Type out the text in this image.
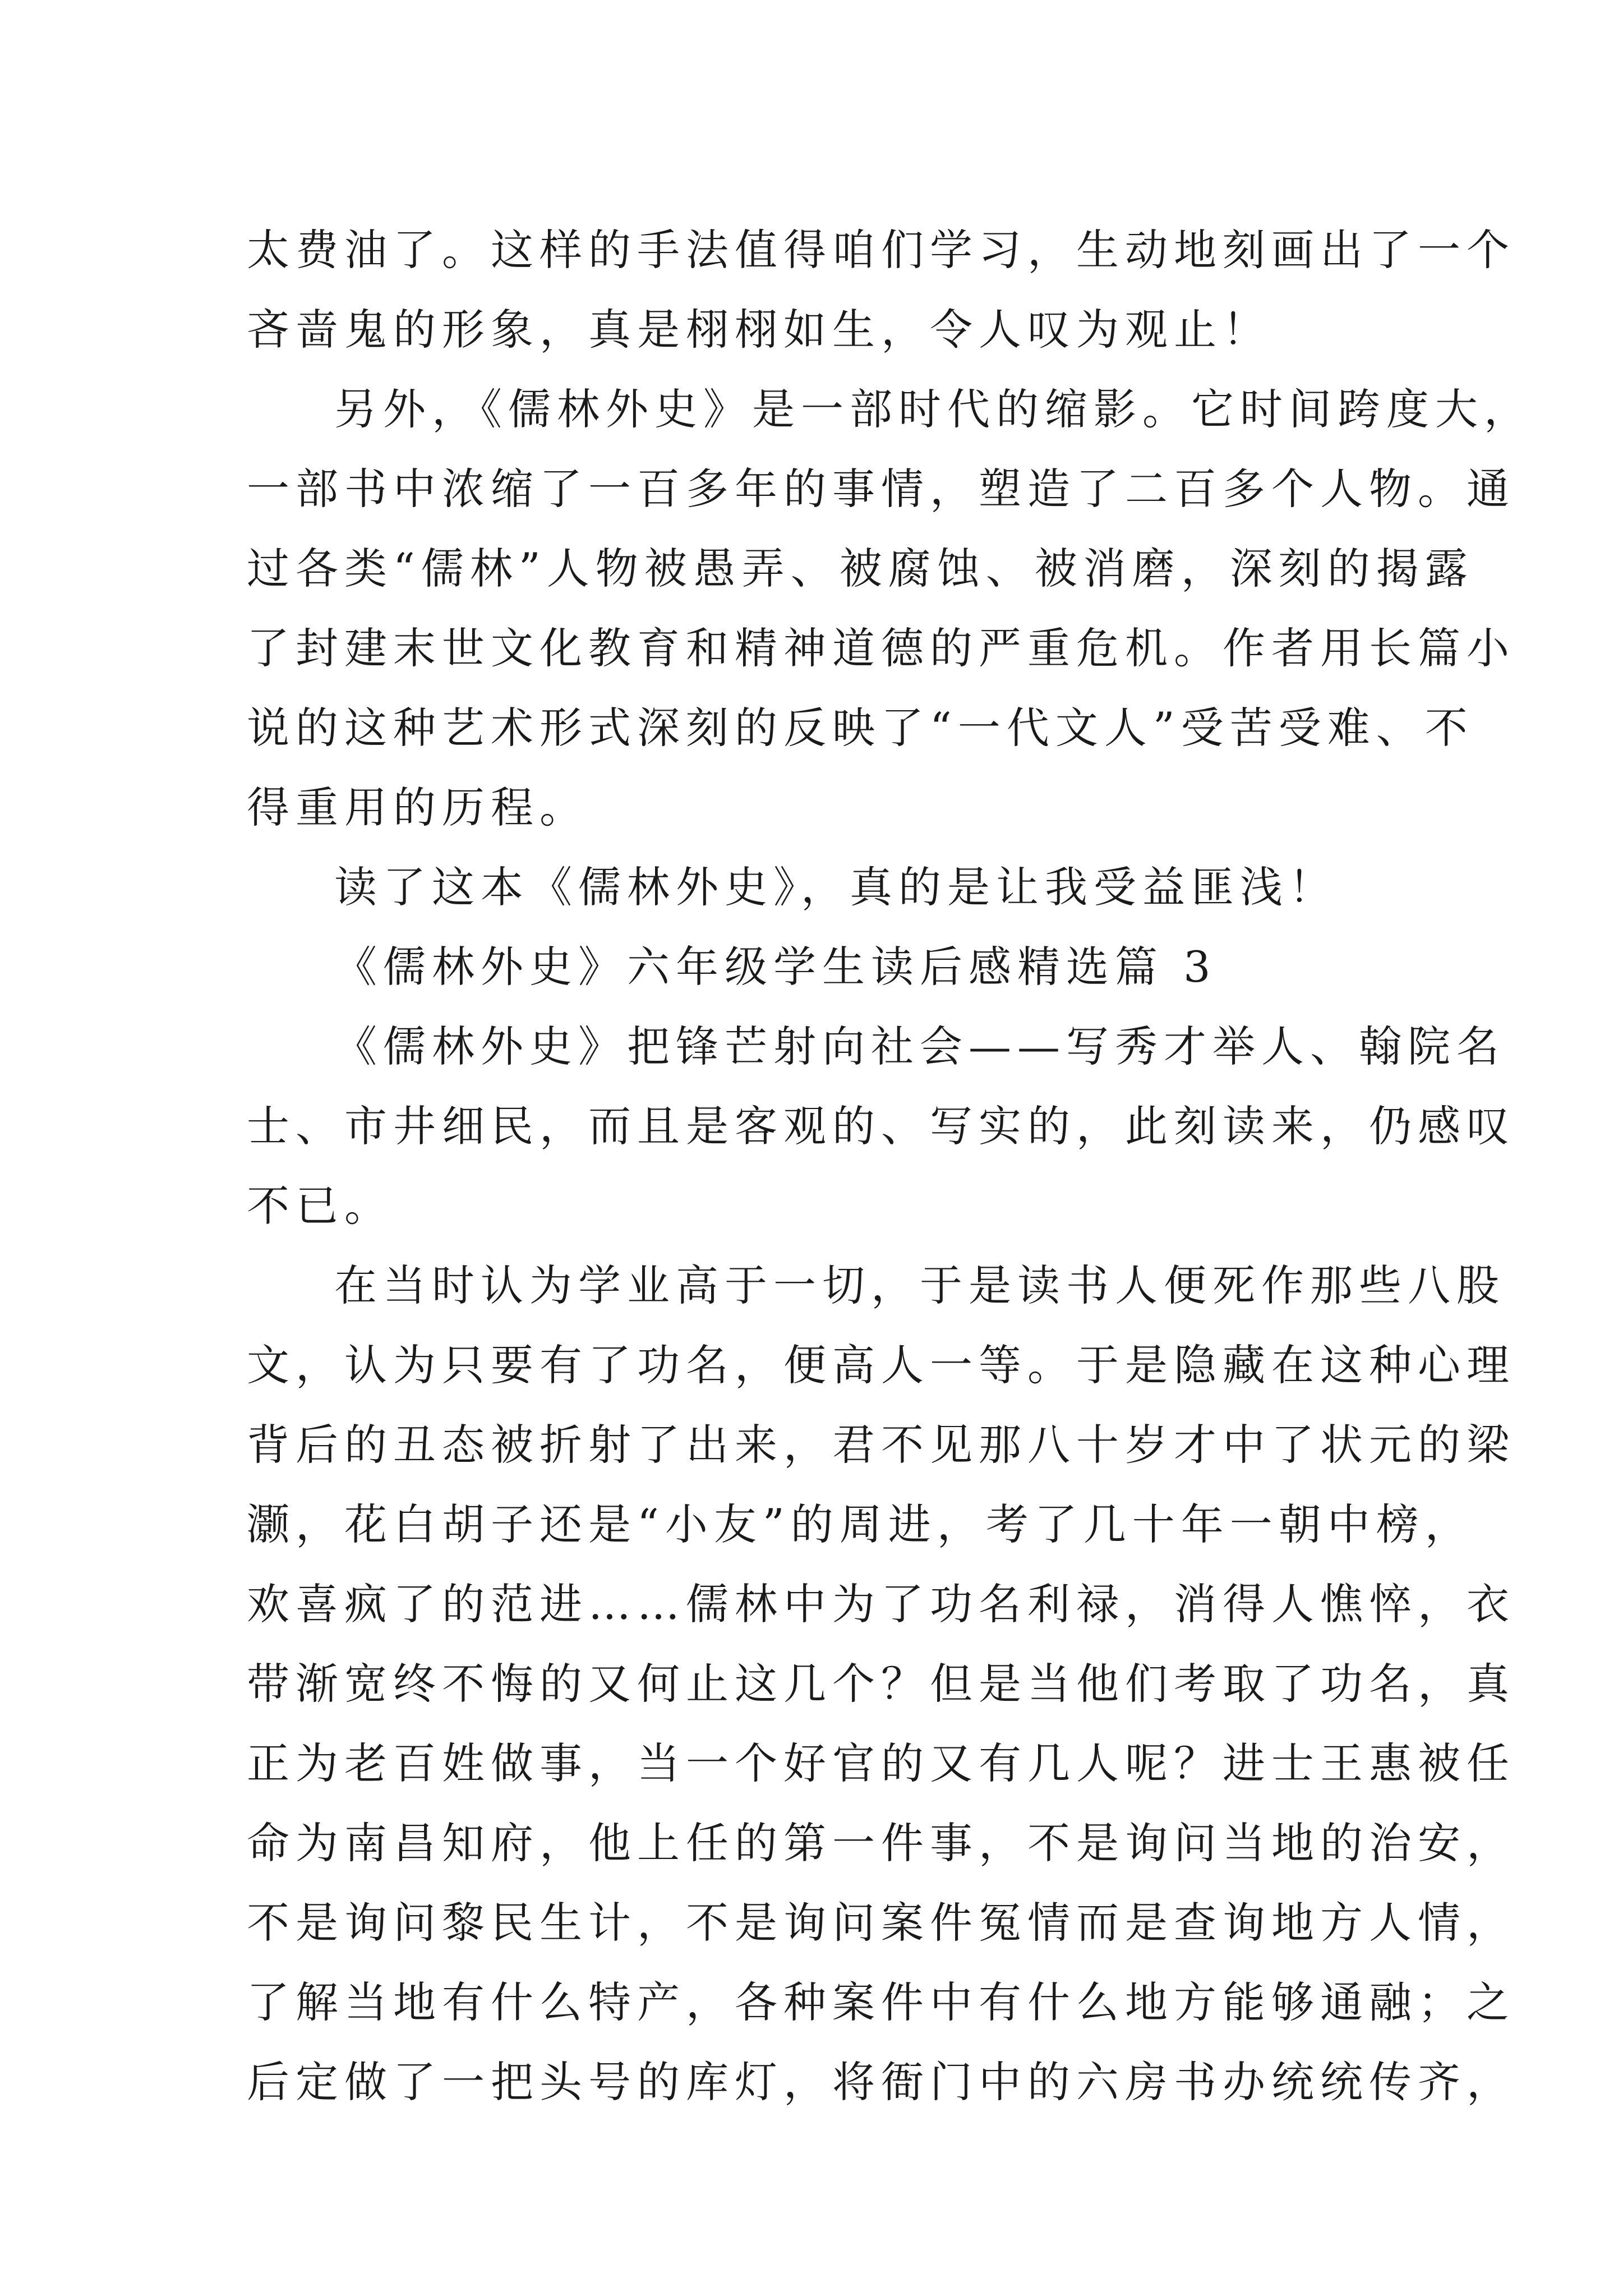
太费油了。这样的手法值得咱们学习，生动地刻画出了一个
吝啬鬼的形象，真是栩栩如生，令人叹为观止！
另外，《儒林外史》是一部时代的缩影。它时间跨度大，
一部书中浓缩了一百多年的事情，塑造了二百多个人物。通
过各类“儒林”人物被愚弄、被腐蚀、被消磨，深刻的揭露
了封建末世文化教育和精神道德的严重危机。作者用长篇小
说的这种艺术形式深刻的反映了“一代文人”受苦受难、不
得重用的历程。
读了这本《儒林外史》，真的是让我受益匪浅！
《儒林外史》六年级学生读后感精选篇 3
《儒林外史》把锋芒射向社会——写秀才举人、翰院名
士、市井细民，而且是客观的、写实的，此刻读来，仍感叹
不已。
在当时认为学业高于一切，于是读书人便死作那些八股
文，认为只要有了功名，便高人一等。于是隐藏在这种心理
背后的丑态被折射了出来，君不见那八十岁才中了状元的梁
灏，花白胡子还是“小友”的周进，考了几十年一朝中榜，
欢喜疯了的范进……儒林中为了功名利禄，消得人憔悴，衣
带渐宽终不悔的又何止这几个？但是当他们考取了功名，真
正为老百姓做事，当一个好官的又有几人呢？进士王惠被任
命为南昌知府，他上任的第一件事，不是询问当地的治安，
不是询问黎民生计，不是询问案件冤情而是查询地方人情，
了解当地有什么特产，各种案件中有什么地方能够通融；之
后定做了一把头号的库灯，将衙门中的六房书办统统传齐，
